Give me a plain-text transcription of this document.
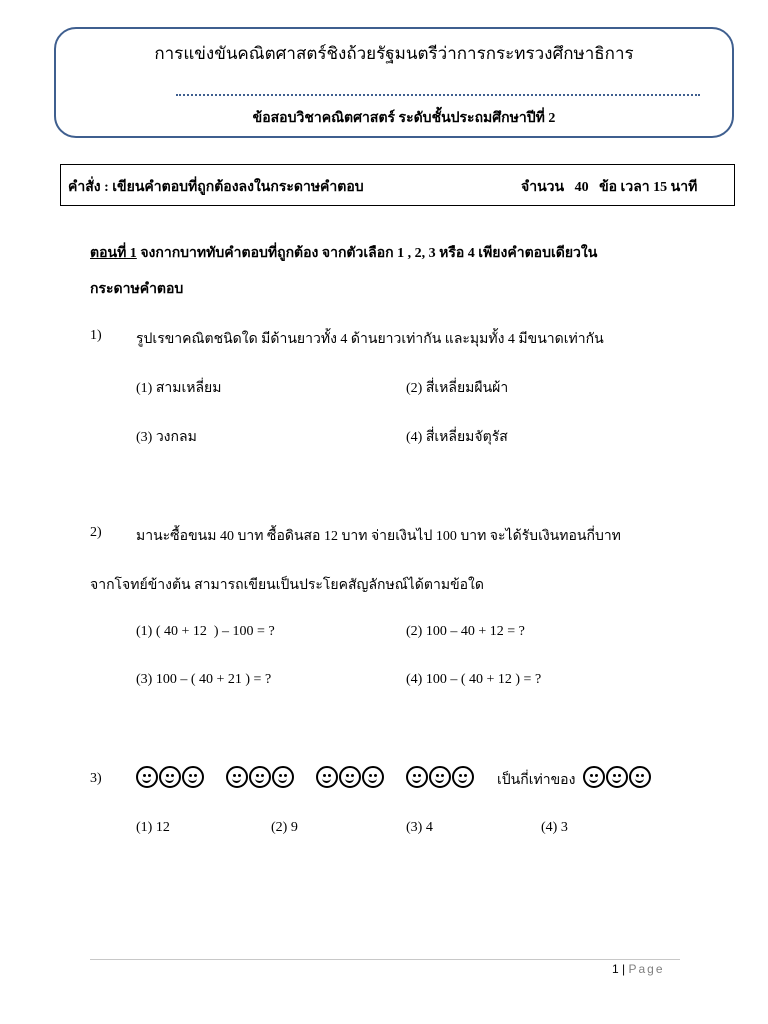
การแข่งขันคณิตศาสตร์ชิงถ้วยรัฐมนตรีว่าการกระทรวงศึกษาธิการ
ข้อสอบวิชาคณิตศาสตร์ ระดับชั้นประถมศึกษาปีที่ 2
คำสั่ง : เขียนคำตอบที่ถูกต้องลงในกระดาษคำตอบ	จำนวน   40   ข้อ เวลา 15 นาที
ตอนที่ 1 จงกากบาททับคำตอบที่ถูกต้อง จากตัวเลือก 1 , 2, 3 หรือ 4 เพียงคำตอบเดียวใน
กระดาษคำตอบ
1) รูปเรขาคณิตชนิดใด มีด้านยาวทั้ง 4 ด้านยาวเท่ากัน และมุมทั้ง 4 มีขนาดเท่ากัน
(1) สามเหลี่ยม	(2) สี่เหลี่ยมผืนผ้า
(3) วงกลม	(4) สี่เหลี่ยมจัตุรัส
2) มานะซื้อขนม 40 บาท ซื้อดินสอ 12 บาท จ่ายเงินไป 100 บาท จะได้รับเงินทอนกี่บาท
จากโจทย์ข้างต้น สามารถเขียนเป็นประโยคสัญลักษณ์ได้ตามข้อใด
(1) ( 40 + 12  ) – 100 = ?	(2) 100 – 40 + 12 = ?
(3) 100 – ( 40 + 21 ) = ?	(4) 100 – ( 40 + 12 ) = ?
3)	เป็นกี่เท่าของ
(1) 12	(2) 9	(3) 4	(4) 3
1 | Page
